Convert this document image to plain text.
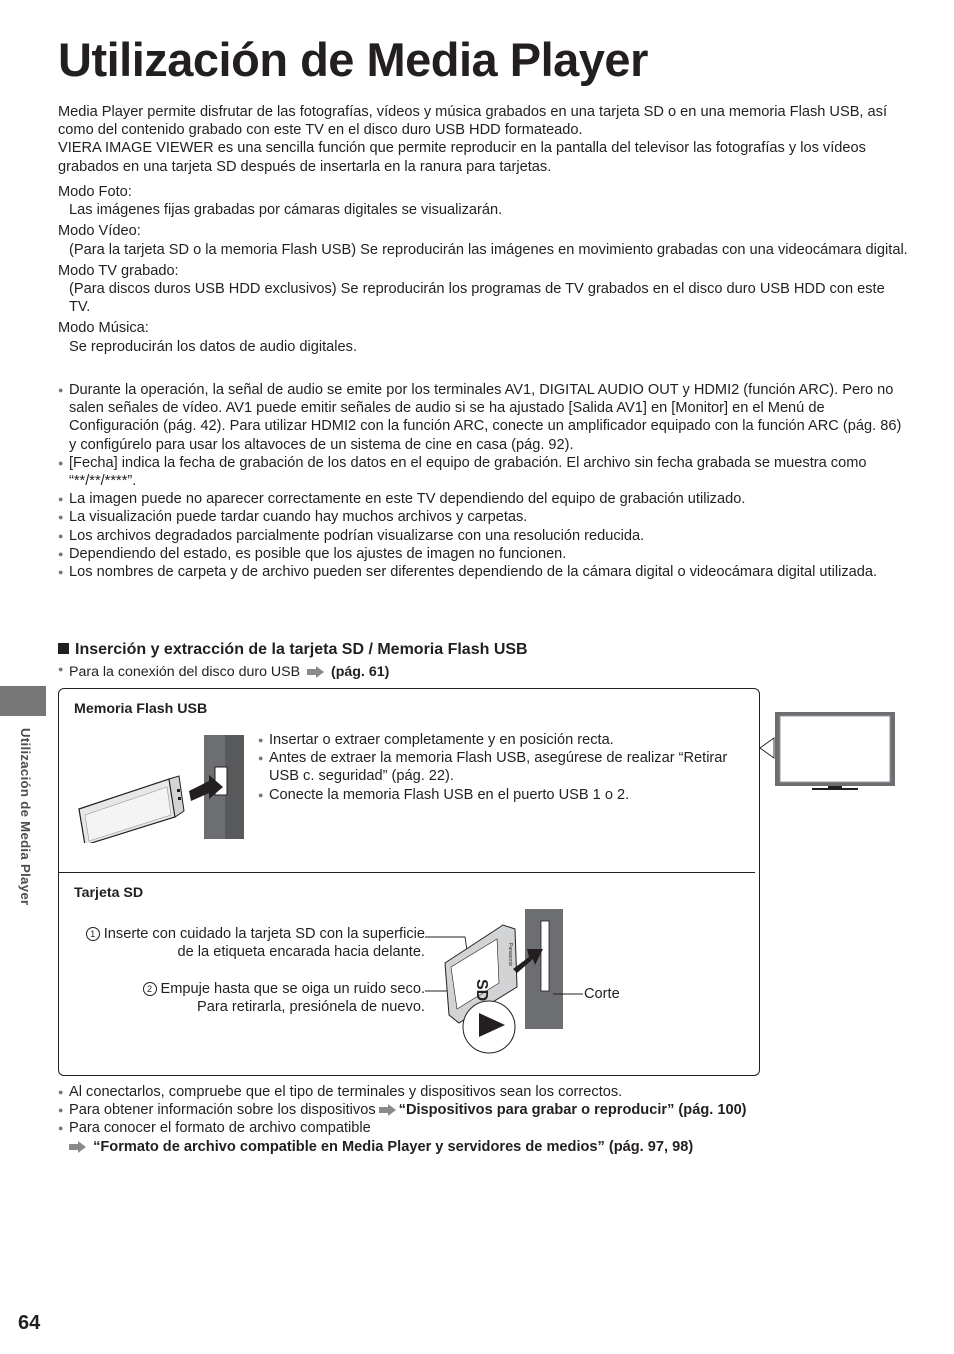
Utilización de Media Player

Media Player permite disfrutar de las fotografías, vídeos y música grabados en una tarjeta SD o en una memoria Flash USB, así como del contenido grabado con este TV en el disco duro USB HDD formateado.

VIERA IMAGE VIEWER es una sencilla función que permite reproducir en la pantalla del televisor las fotografías y los vídeos grabados en una tarjeta SD después de insertarla en la ranura para tarjetas.

Modo Foto:
Las imágenes fijas grabadas por cámaras digitales se visualizarán.
Modo Vídeo:
(Para la tarjeta SD o la memoria Flash USB) Se reproducirán las imágenes en movimiento grabadas con una videocámara digital.
Modo TV grabado:
(Para discos duros USB HDD exclusivos) Se reproducirán los programas de TV grabados en el disco duro USB HDD con este TV.
Modo Música:
Se reproducirán los datos de audio digitales.
● Durante la operación, la señal de audio se emite por los terminales AV1, DIGITAL AUDIO OUT y HDMI2 (función ARC). Pero no salen señales de vídeo. AV1 puede emitir señales de audio si se ha ajustado [Salida AV1] en [Monitor] en el Menú de Configuración (pág. 42). Para utilizar HDMI2 con la función ARC, conecte un amplificador equipado con la función ARC (pág. 86) y configúrelo para usar los altavoces de un sistema de cine en casa (pág. 92).
● [Fecha] indica la fecha de grabación de los datos en el equipo de grabación. El archivo sin fecha grabada se muestra como “**/**/****”.
● La imagen puede no aparecer correctamente en este TV dependiendo del equipo de grabación utilizado.
● La visualización puede tardar cuando hay muchos archivos y carpetas.
● Los archivos degradados parcialmente podrían visualizarse con una resolución reducida.
● Dependiendo del estado, es posible que los ajustes de imagen no funcionen.
● Los nombres de carpeta y de archivo pueden ser diferentes dependiendo de la cámara digital o videocámara digital utilizada.
Inserción y extracción de la tarjeta SD / Memoria Flash USB
● Para la conexión del disco duro USB (pág. 61)
Memoria Flash USB
● Insertar o extraer completamente y en posición recta.
● Antes de extraer la memoria Flash USB, asegúrese de realizar “Retirar USB c. seguridad” (pág. 22).
● Conecte la memoria Flash USB en el puerto USB 1 o 2.
Tarjeta SD
1 Inserte con cuidado la tarjeta SD con la superficie
de la etiqueta encarada hacia delante.
2 Empuje hasta que se oiga un ruido seco.
Para retirarla, presiónela de nuevo.
SD
Panasonic
Corte
● Al conectarlos, compruebe que el tipo de terminales y dispositivos sean los correctos.
● Para obtener información sobre los dispositivos “Dispositivos para grabar o reproducir” (pág. 100)
● Para conocer el formato de archivo compatible
“Formato de archivo compatible en Media Player y servidores de medios” (pág. 97, 98)
Utilización de Media Player
64
